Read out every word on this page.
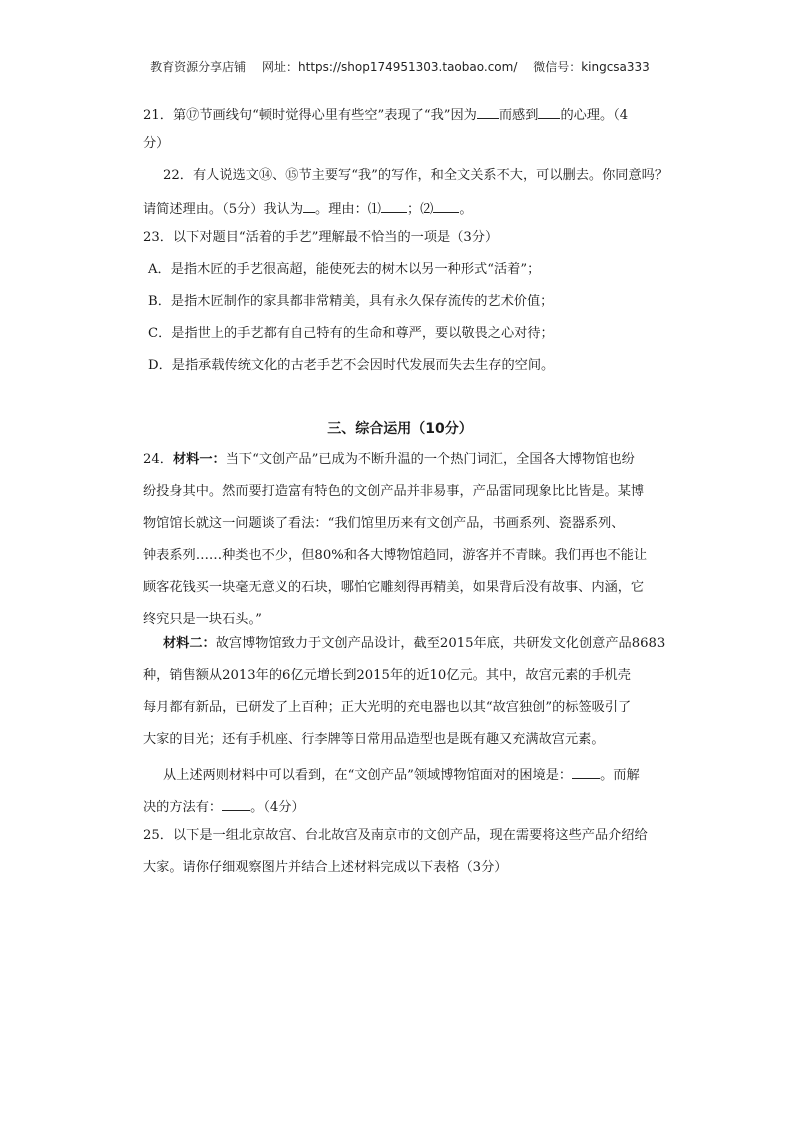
教育资源分享店铺 网址：https://shop174951303.taobao.com/ 微信号：kingcsa333
21．第⑰节画线句“顿时觉得心里有些空”表现了“我”因为 而感到 的心理。（4
分）
22．有人说选文⑭、⑮节主要写“我”的写作，和全文关系不大，可以删去。你同意吗？
请简述理由。（5分）我认为 。理由：⑴ ；⑵ 。
23．以下对题目“活着的手艺”理解最不恰当的一项是（3分）
A．是指木匠的手艺很高超，能使死去的树木以另一种形式“活着”；
B．是指木匠制作的家具都非常精美，具有永久保存流传的艺术价值；
C．是指世上的手艺都有自己特有的生命和尊严，要以敬畏之心对待；
D．是指承载传统文化的古老手艺不会因时代发展而失去生存的空间。
三、综合运用（10分）
24．材料一：当下“文创产品”已成为不断升温的一个热门词汇，全国各大博物馆也纷
纷投身其中。然而要打造富有特色的文创产品并非易事，产品雷同现象比比皆是。某博
物馆馆长就这一问题谈了看法：“我们馆里历来有文创产品，书画系列、瓷器系列、
钟表系列……种类也不少，但80%和各大博物馆趋同，游客并不青睐。我们再也不能让
顾客花钱买一块毫无意义的石块，哪怕它雕刻得再精美，如果背后没有故事、内涵，它
终究只是一块石头。”
材料二：故宫博物馆致力于文创产品设计，截至2015年底，共研发文化创意产品8683
种，销售额从2013年的6亿元增长到2015年的近10亿元。其中，故宫元素的手机壳
每月都有新品，已研发了上百种；正大光明的充电器也以其“故宫独创”的标签吸引了
大家的目光；还有手机座、行李牌等日常用品造型也是既有趣又充满故宫元素。
从上述两则材料中可以看到，在“文创产品”领域博物馆面对的困境是： 。而解
决的方法有： 。（4分）
25．以下是一组北京故宫、台北故宫及南京市的文创产品，现在需要将这些产品介绍给
大家。请你仔细观察图片并结合上述材料完成以下表格（3分）
